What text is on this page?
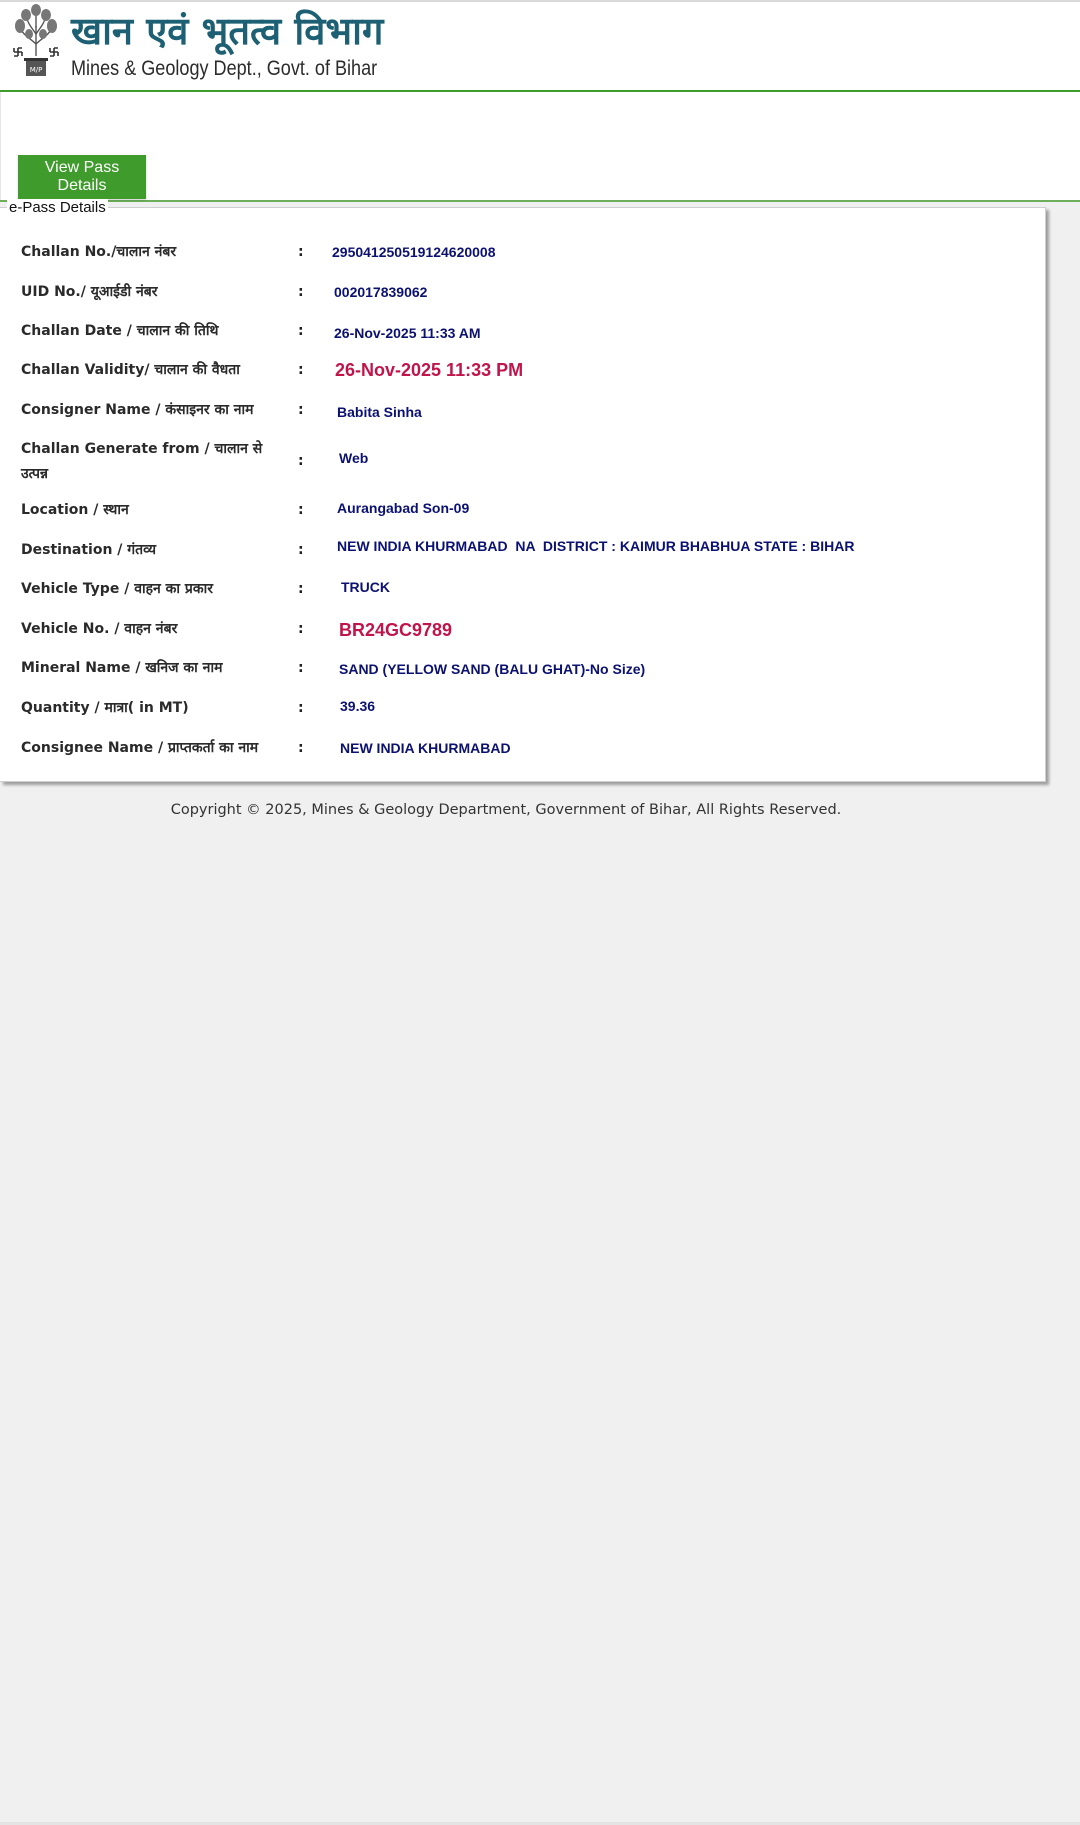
M/P
खान एवं भूतत्व विभाग
Mines & Geology Dept., Govt. of Bihar
View Pass Details
Challan No./चालान नंबर	: 295041250519124620008
UID No./ यूआईडी नंबर	: 002017839062
Challan Date / चालान की तिथि	: 26-Nov-2025 11:33 AM
Challan Validity/ चालान की वैधता	: 26-Nov-2025 11:33 PM
Consigner Name / कंसाइनर का नाम	: Babita Sinha
Challan Generate from / चालान से उत्पन्न
:	Web
Location / स्थान	: Aurangabad Son-09
Destination / गंतव्य	: NEW INDIA KHURMABAD  NA  DISTRICT : KAIMUR BHABHUA STATE : BIHAR
Vehicle Type / वाहन का प्रकार	:	TRUCK
Vehicle No. / वाहन नंबर	: BR24GC9789
Mineral Name / खनिज का नाम	:	SAND (YELLOW SAND (BALU GHAT)-No Size)
Quantity / मात्रा( in MT)	:	39.36
Consignee Name / प्राप्तकर्ता का नाम	:	NEW INDIA KHURMABAD
e-Pass Details
Copyright © 2025, Mines & Geology Department, Government of Bihar, All Rights Reserved.
